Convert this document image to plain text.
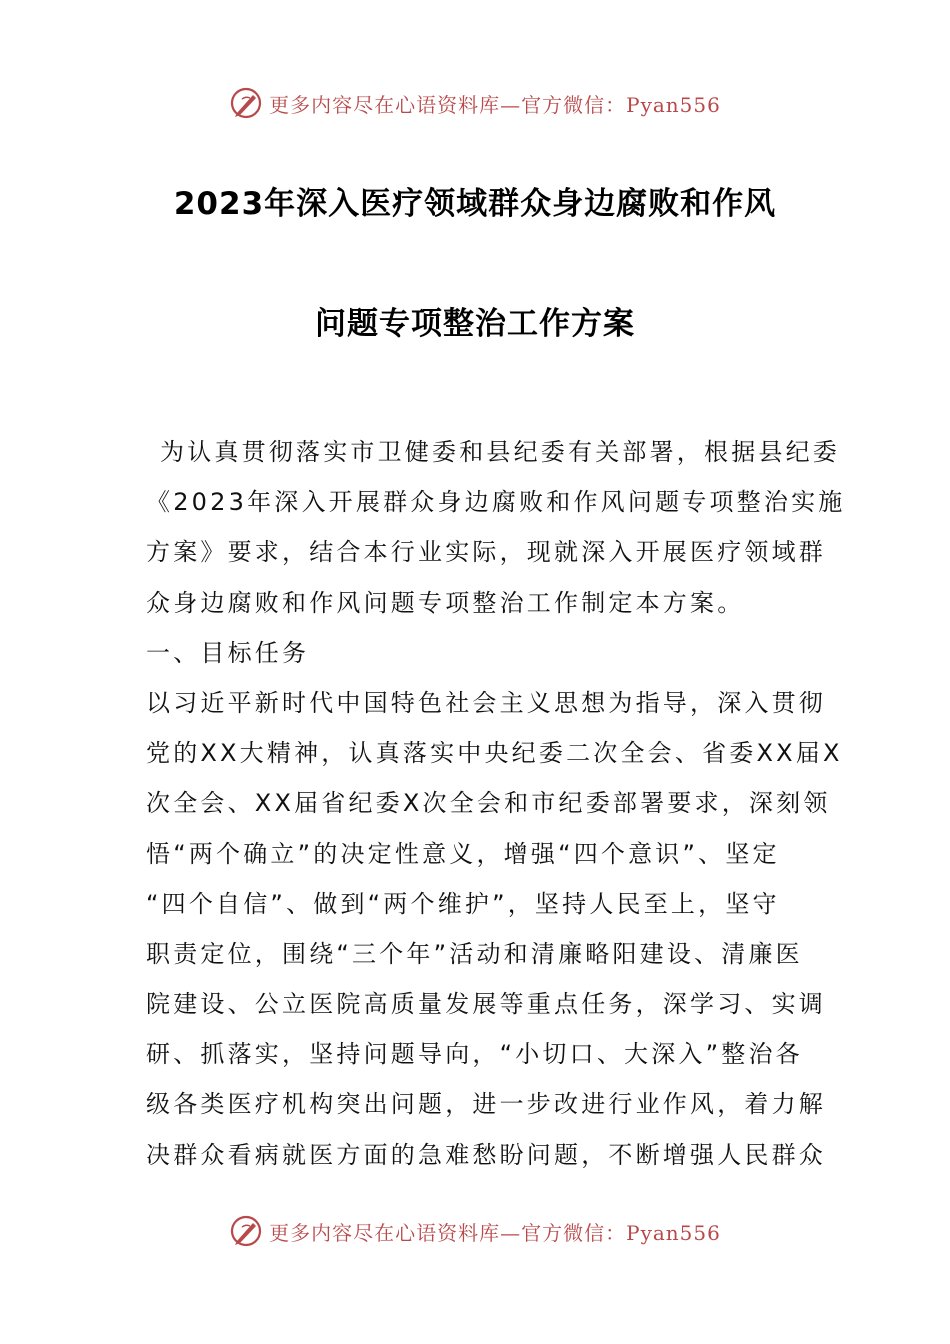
更多内容尽在心语资料库—官方微信：Pyan556
2023年深入医疗领域群众身边腐败和作风
问题专项整治工作方案
为认真贯彻落实市卫健委和县纪委有关部署，根据县纪委
《2023年深入开展群众身边腐败和作风问题专项整治实施
方案》要求，结合本行业实际，现就深入开展医疗领域群
众身边腐败和作风问题专项整治工作制定本方案。
一、目标任务
以习近平新时代中国特色社会主义思想为指导，深入贯彻
党的XX大精神，认真落实中央纪委二次全会、省委XX届X
次全会、XX届省纪委X次全会和市纪委部署要求，深刻领
悟“两个确立”的决定性意义，增强“四个意识”、坚定
“四个自信”、做到“两个维护”，坚持人民至上，坚守
职责定位，围绕“三个年”活动和清廉略阳建设、清廉医
院建设、公立医院高质量发展等重点任务，深学习、实调
研、抓落实，坚持问题导向，“小切口、大深入”整治各
级各类医疗机构突出问题，进一步改进行业作风，着力解
决群众看病就医方面的急难愁盼问题，不断增强人民群众
更多内容尽在心语资料库—官方微信：Pyan556
